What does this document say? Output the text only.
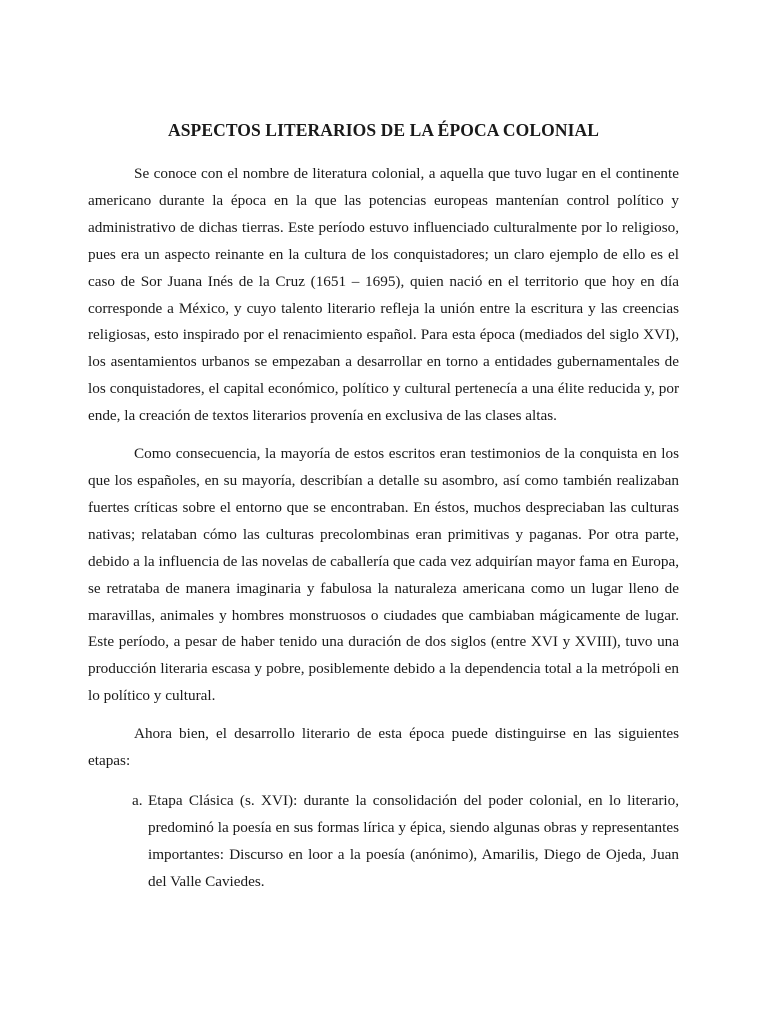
ASPECTOS LITERARIOS DE LA ÉPOCA COLONIAL

Se conoce con el nombre de literatura colonial, a aquella que tuvo lugar en el continente americano durante la época en la que las potencias europeas mantenían control político y administrativo de dichas tierras. Este período estuvo influenciado culturalmente por lo religioso, pues era un aspecto reinante en la cultura de los conquistadores; un claro ejemplo de ello es el caso de Sor Juana Inés de la Cruz (1651 – 1695), quien nació en el territorio que hoy en día corresponde a México, y cuyo talento literario refleja la unión entre la escritura y las creencias religiosas, esto inspirado por el renacimiento español. Para esta época (mediados del siglo XVI), los asentamientos urbanos se empezaban a desarrollar en torno a entidades gubernamentales de los conquistadores, el capital económico, político y cultural pertenecía a una élite reducida y, por ende, la creación de textos literarios provenía en exclusiva de las clases altas.

Como consecuencia, la mayoría de estos escritos eran testimonios de la conquista en los que los españoles, en su mayoría, describían a detalle su asombro, así como también realizaban fuertes críticas sobre el entorno que se encontraban. En éstos, muchos despreciaban las culturas nativas; relataban cómo las culturas precolombinas eran primitivas y paganas. Por otra parte, debido a la influencia de las novelas de caballería que cada vez adquirían mayor fama en Europa, se retrataba de manera imaginaria y fabulosa la naturaleza americana como un lugar lleno de maravillas, animales y hombres monstruosos o ciudades que cambiaban mágicamente de lugar. Este período, a pesar de haber tenido una duración de dos siglos (entre XVI y XVIII), tuvo una producción literaria escasa y pobre, posiblemente debido a la dependencia total a la metrópoli en lo político y cultural.

Ahora bien, el desarrollo literario de esta época puede distinguirse en las siguientes etapas:

a. Etapa Clásica (s. XVI): durante la consolidación del poder colonial, en lo literario, predominó la poesía en sus formas lírica y épica, siendo algunas obras y representantes importantes: Discurso en loor a la poesía (anónimo), Amarilis, Diego de Ojeda, Juan del Valle Caviedes.
